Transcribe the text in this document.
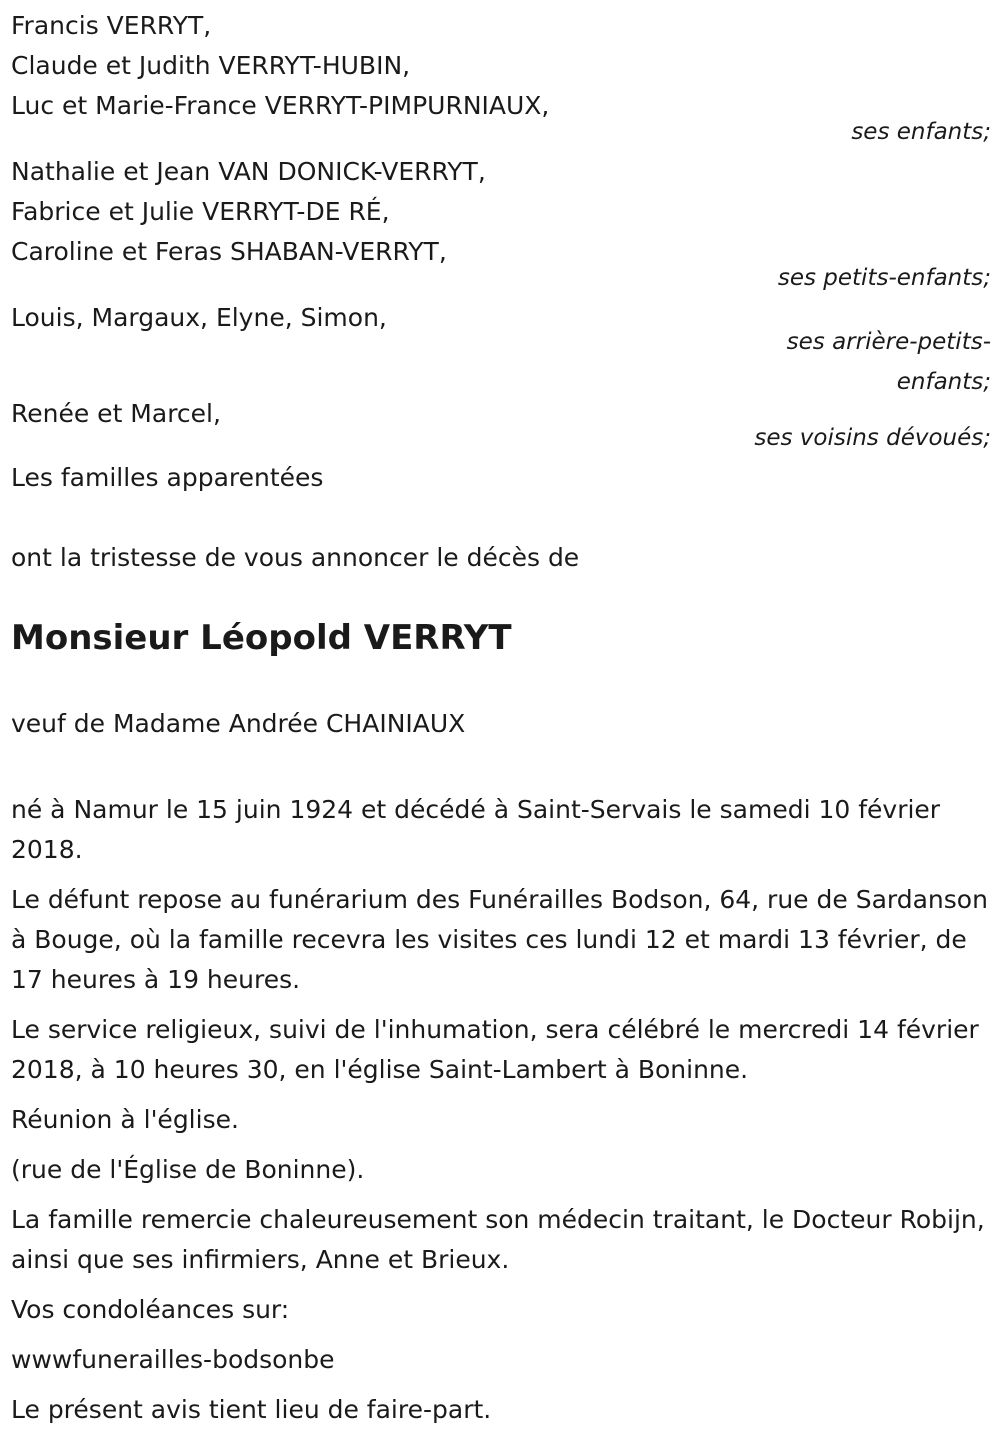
Francis VERRYT,
Claude et Judith VERRYT-HUBIN,
Luc et Marie-France VERRYT-PIMPURNIAUX,
ses enfants;
Nathalie et Jean VAN DONICK-VERRYT,
Fabrice et Julie VERRYT-DE RÉ,
Caroline et Feras SHABAN-VERRYT,
ses petits-enfants;
Louis, Margaux, Elyne, Simon,
ses arrière-petits-
enfants;
Renée et Marcel,
ses voisins dévoués;
Les familles apparentées
ont la tristesse de vous annoncer le décès de
Monsieur Léopold VERRYT
veuf de Madame Andrée CHAINIAUX
né à Namur le 15 juin 1924 et décédé à Saint-Servais le samedi 10 février 2018.
Le défunt repose au funérarium des Funérailles Bodson, 64, rue de Sardanson à Bouge, où la famille recevra les visites ces lundi 12 et mardi 13 février, de 17 heures à 19 heures.
Le service religieux, suivi de l'inhumation, sera célébré le mercredi 14 février 2018, à 10 heures 30, en l'église Saint-Lambert à Boninne.
Réunion à l'église.
(rue de l'Église de Boninne).
La famille remercie chaleureusement son médecin traitant, le Docteur Robijn, ainsi que ses infirmiers, Anne et Brieux.
Vos condoléances sur:
wwwfunerailles-bodsonbe
Le présent avis tient lieu de faire-part.
